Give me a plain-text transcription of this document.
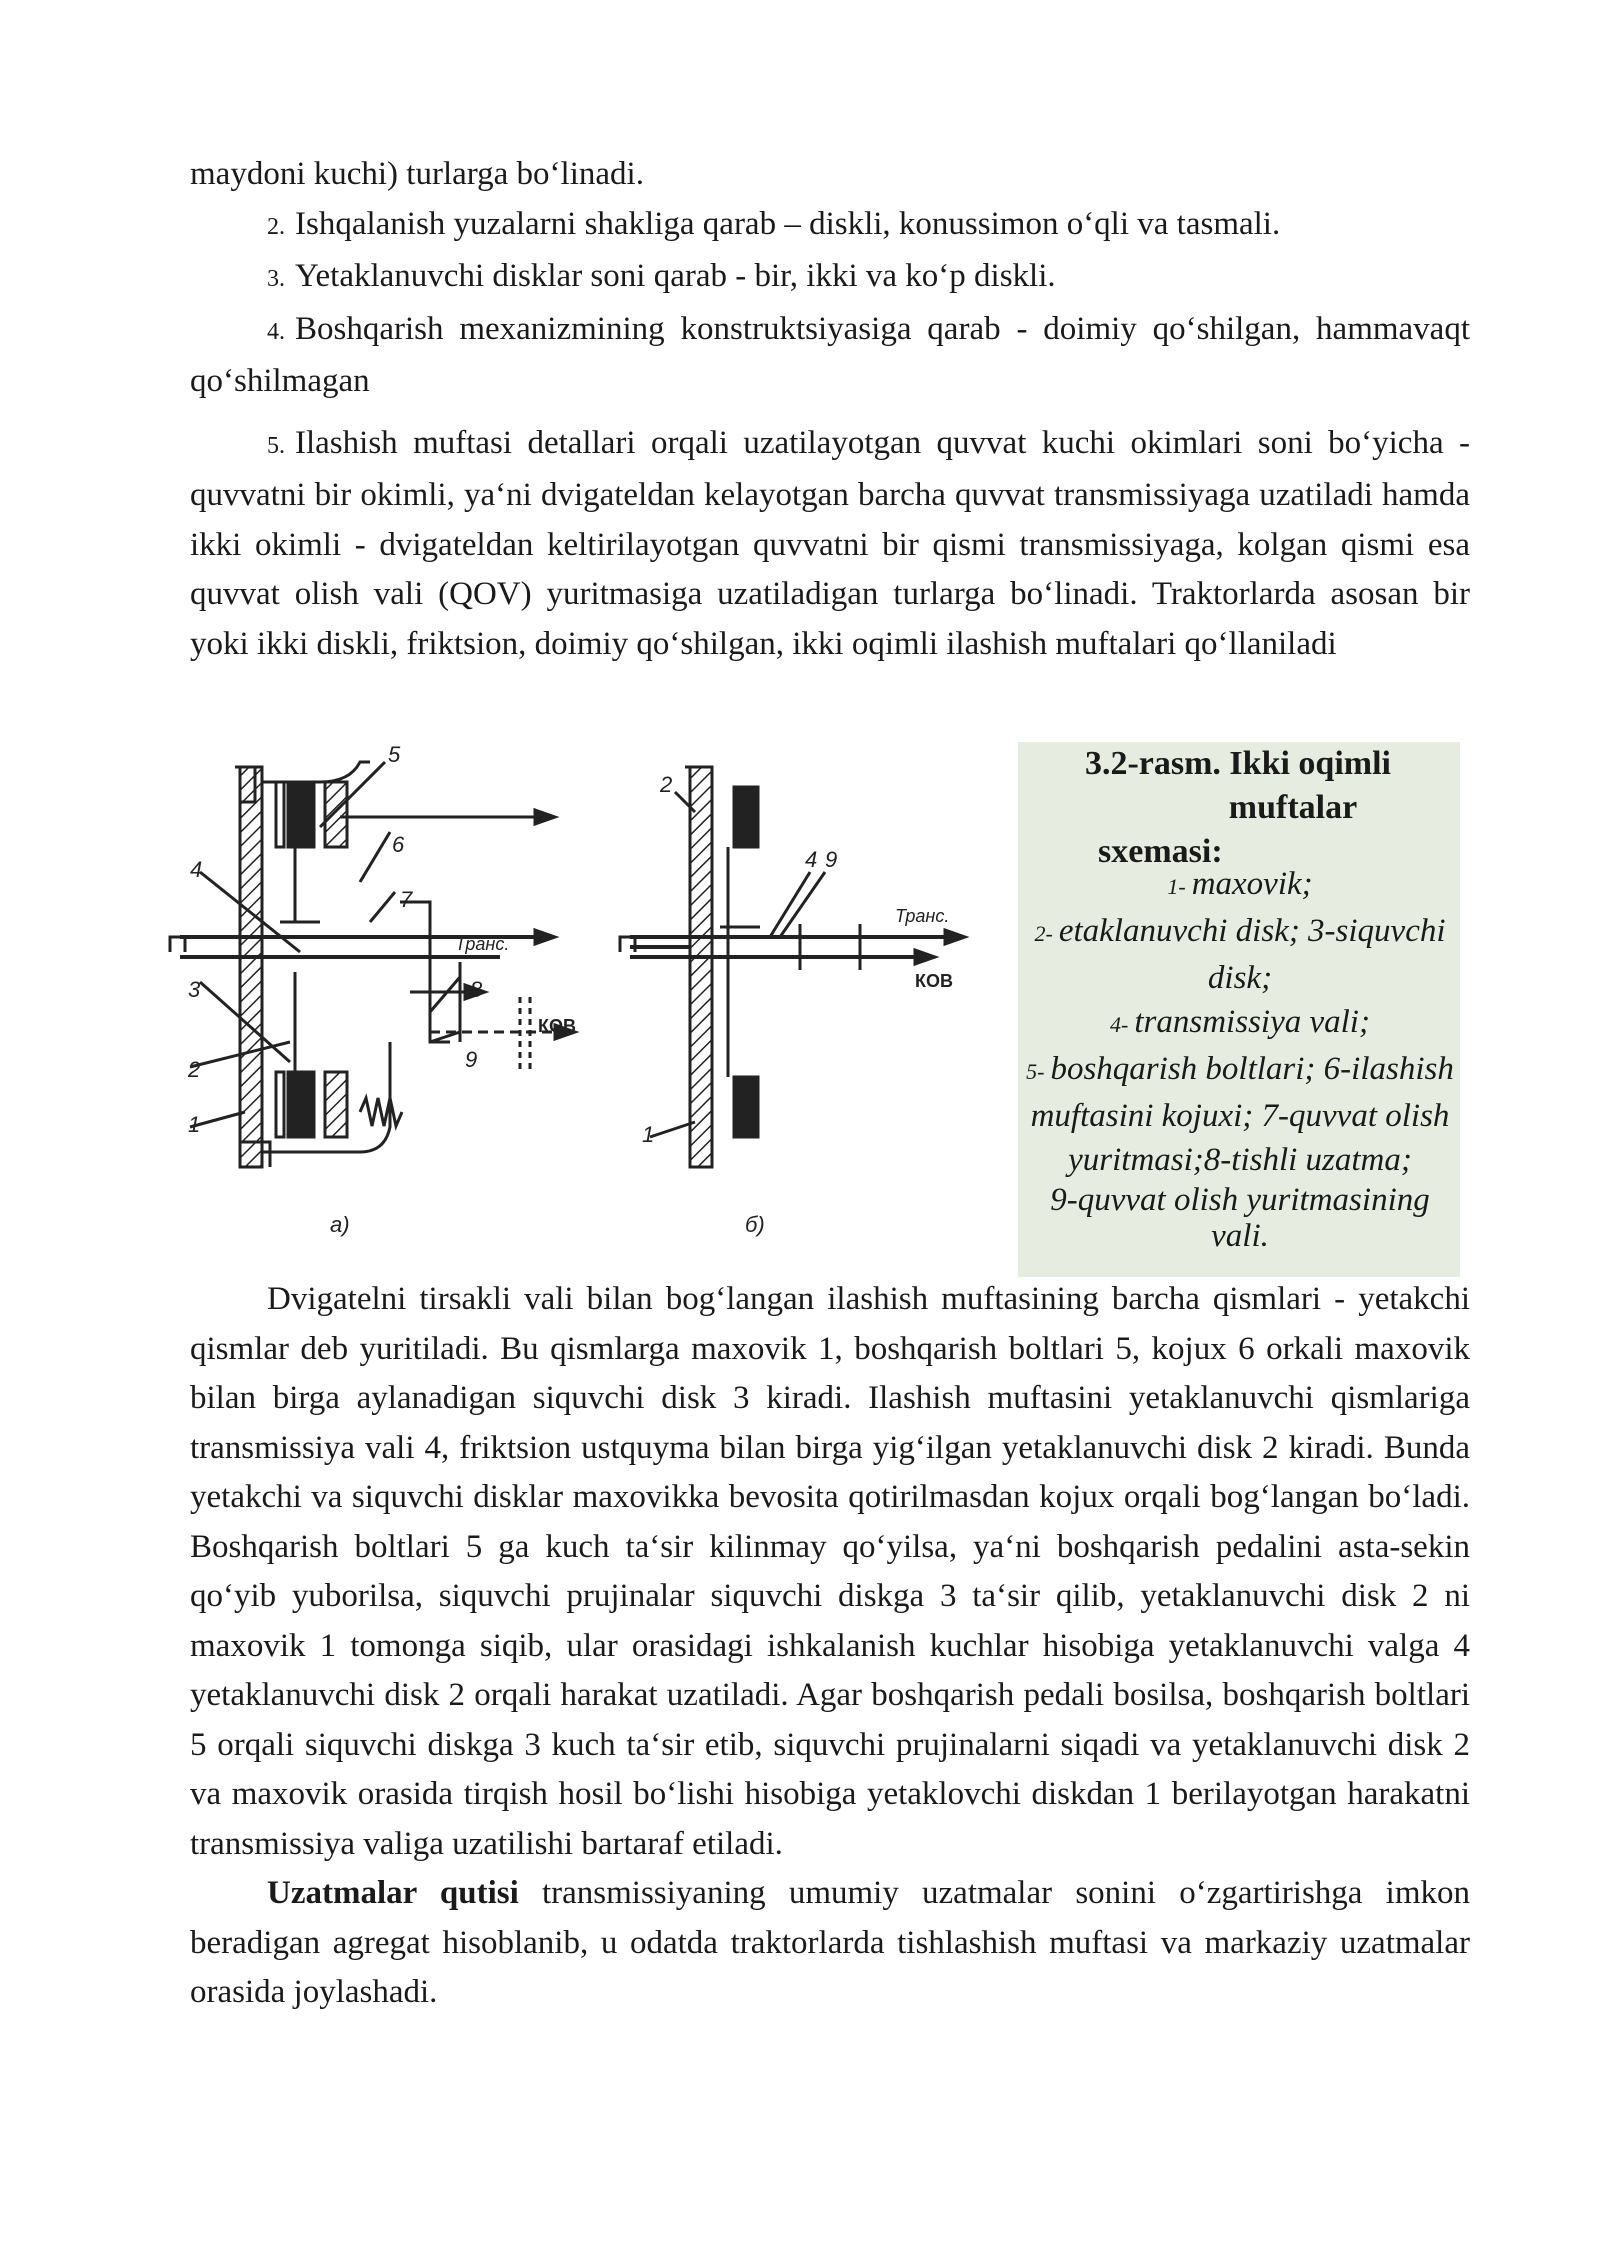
maydoni kuchi) turlarga bo‘linadi.

2. Ishqalanish yuzalarni shakliga qarab – diskli, konussimon o‘qli va tasmali.

3. Yetaklanuvchi disklar soni qarab - bir, ikki va ko‘p diskli.

4. Boshqarish mexanizmining konstruktsiyasiga qarab - doimiy qo‘shilgan, hammavaqt qo‘shilmagan

5. Ilashish muftasi detallari orqali uzatilayotgan quvvat kuchi okimlari soni bo‘yicha - quvvatni bir okimli, ya‘ni dvigateldan kelayotgan barcha quvvat transmissiyaga uzatiladi hamda ikki okimli - dvigateldan keltirilayotgan quvvatni bir qismi transmissiyaga, kolgan qismi esa quvvat olish vali (QOV) yuritmasiga uzatiladigan turlarga bo‘linadi. Traktorlarda asosan bir yoki ikki diskli, friktsion, doimiy qo‘shilgan, ikki oqimli ilashish muftalari qo‘llaniladi

5
6
7
4
Транс.
3	8
КОВ
2	9
1
а)
2
4 9
Транс.
КОВ
1
б)
3.2-rasm. Ikki oqimli
muftalar
sxemasi:
1- maxovik;
2- etaklanuvchi disk; 3-siquvchi disk;
4- transmissiya vali;
5- boshqarish boltlari; 6-ilashish muftasini kojuxi; 7-quvvat olish yuritmasi;8-tishli uzatma;
9-quvvat olish yuritmasining vali.

Dvigatelni tirsakli vali bilan bog‘langan ilashish muftasining barcha qismlari - yetakchi qismlar deb yuritiladi. Bu qismlarga maxovik 1, boshqarish boltlari 5, kojux 6 orkali maxovik bilan birga aylanadigan siquvchi disk 3 kiradi. Ilashish muftasini yetaklanuvchi qismlariga transmissiya vali 4, friktsion ustquyma bilan birga yig‘ilgan yetaklanuvchi disk 2 kiradi. Bunda yetakchi va siquvchi disklar maxovikka bevosita qotirilmasdan kojux orqali bog‘langan bo‘ladi. Boshqarish boltlari 5 ga kuch ta‘sir kilinmay qo‘yilsa, ya‘ni boshqarish pedalini asta-sekin qo‘yib yuborilsa, siquvchi prujinalar siquvchi diskga 3 ta‘sir qilib, yetaklanuvchi disk 2 ni maxovik 1 tomonga siqib, ular orasidagi ishkalanish kuchlar hisobiga yetaklanuvchi valga 4 yetaklanuvchi disk 2 orqali harakat uzatiladi. Agar boshqarish pedali bosilsa, boshqarish boltlari 5 orqali siquvchi diskga 3 kuch ta‘sir etib, siquvchi prujinalarni siqadi va yetaklanuvchi disk 2 va maxovik orasida tirqish hosil bo‘lishi hisobiga yetaklovchi diskdan 1 berilayotgan harakatni transmissiya valiga uzatilishi bartaraf etiladi.

Uzatmalar qutisi transmissiyaning umumiy uzatmalar sonini o‘zgartirishga imkon beradigan agregat hisoblanib, u odatda traktorlarda tishlashish muftasi va markaziy uzatmalar orasida joylashadi.
